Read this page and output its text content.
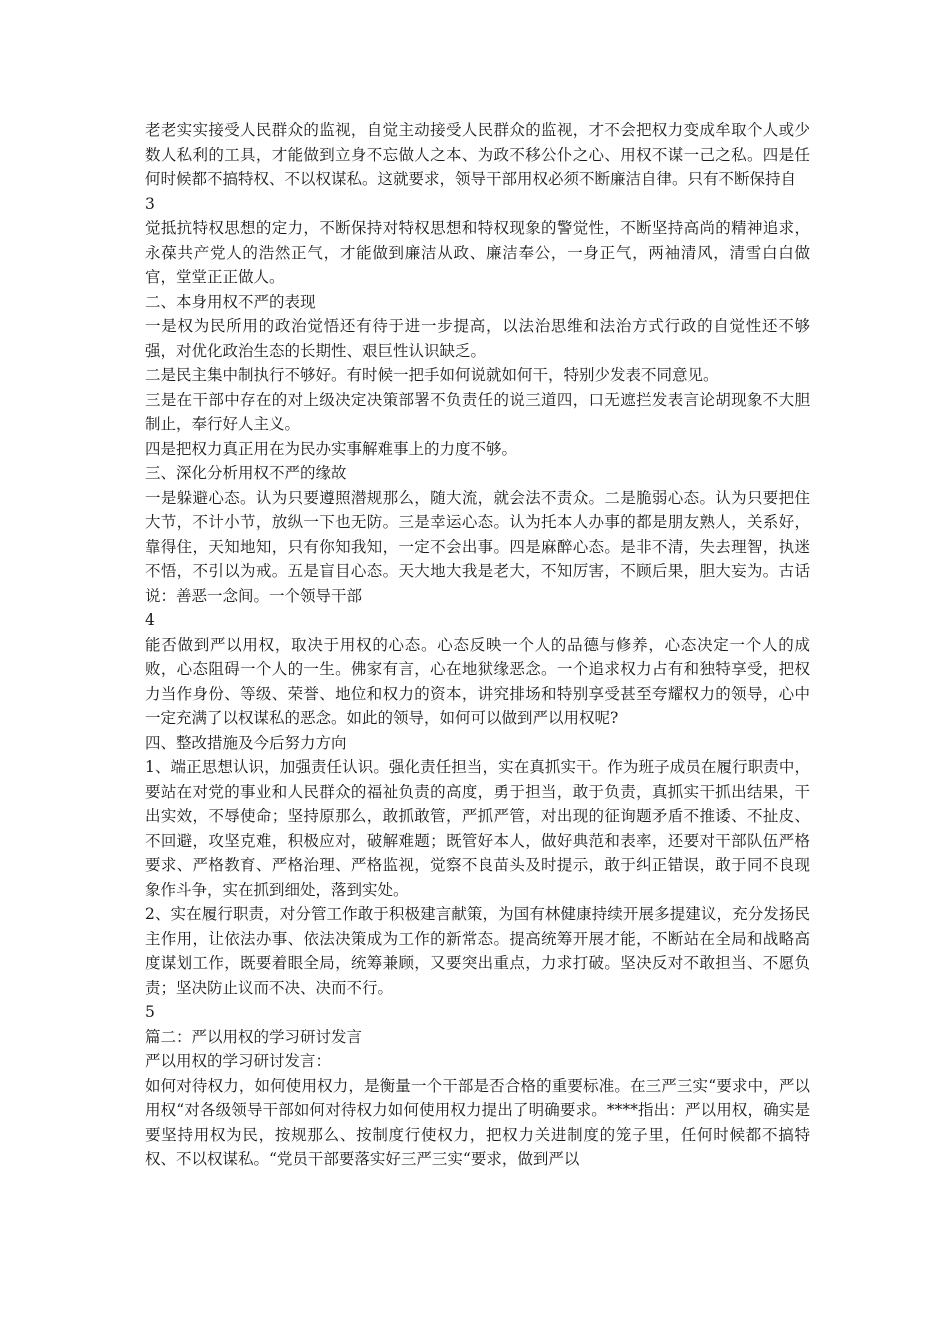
老老实实接受人民群众的监视，自觉主动接受人民群众的监视，才不会把权力变成牟取个人或少数人私利的工具，才能做到立身不忘做人之本、为政不移公仆之心、用权不谋一己之私。四是任何时候都不搞特权、不以权谋私。这就要求，领导干部用权必须不断廉洁自律。只有不断保持自

3

觉抵抗特权思想的定力，不断保持对特权思想和特权现象的警觉性，不断坚持高尚的精神追求，永葆共产党人的浩然正气，才能做到廉洁从政、廉洁奉公，一身正气，两袖清风，清雪白白做官，堂堂正正做人。

二、本身用权不严的表现

一是权为民所用的政治觉悟还有待于进一步提高，以法治思维和法治方式行政的自觉性还不够强，对优化政治生态的长期性、艰巨性认识缺乏。

二是民主集中制执行不够好。有时候一把手如何说就如何干，特别少发表不同意见。

三是在干部中存在的对上级决定决策部署不负责任的说三道四，口无遮拦发表言论胡现象不大胆制止，奉行好人主义。

四是把权力真正用在为民办实事解难事上的力度不够。

三、深化分析用权不严的缘故

一是躲避心态。认为只要遵照潜规那么，随大流，就会法不责众。二是脆弱心态。认为只要把住大节，不计小节，放纵一下也无防。三是幸运心态。认为托本人办事的都是朋友熟人，关系好，靠得住，天知地知，只有你知我知，一定不会出事。四是麻醉心态。是非不清，失去理智，执迷不悟，不引以为戒。五是盲目心态。天大地大我是老大，不知厉害，不顾后果，胆大妄为。古话说：善恶一念间。一个领导干部

4

能否做到严以用权，取决于用权的心态。心态反映一个人的品德与修养，心态决定一个人的成败，心态阻碍一个人的一生。佛家有言，心在地狱缘恶念。一个追求权力占有和独特享受，把权力当作身份、等级、荣誉、地位和权力的资本，讲究排场和特别享受甚至夸耀权力的领导，心中一定充满了以权谋私的恶念。如此的领导，如何可以做到严以用权呢?

四、整改措施及今后努力方向

1、端正思想认识，加强责任认识。强化责任担当，实在真抓实干。作为班子成员在履行职责中，要站在对党的事业和人民群众的福祉负责的高度，勇于担当，敢于负责，真抓实干抓出结果，干出实效，不辱使命；坚持原那么，敢抓敢管，严抓严管，对出现的征询题矛盾不推诿、不扯皮、不回避，攻坚克难，积极应对，破解难题；既管好本人，做好典范和表率，还要对干部队伍严格要求、严格教育、严格治理、严格监视，觉察不良苗头及时提示，敢于纠正错误，敢于同不良现象作斗争，实在抓到细处，落到实处。

2、实在履行职责，对分管工作敢于积极建言献策，为国有林健康持续开展多提建议，充分发扬民主作用，让依法办事、依法决策成为工作的新常态。提高统筹开展才能，不断站在全局和战略高度谋划工作，既要着眼全局，统筹兼顾，又要突出重点，力求打破。坚决反对不敢担当、不愿负责；坚决防止议而不决、决而不行。

5

篇二：严以用权的学习研讨发言

严以用权的学习研讨发言：

如何对待权力，如何使用权力，是衡量一个干部是否合格的重要标准。在三严三实“要求中，严以用权“对各级领导干部如何对待权力如何使用权力提出了明确要求。****指出：严以用权，确实是要坚持用权为民，按规那么、按制度行使权力，把权力关进制度的笼子里，任何时候都不搞特权、不以权谋私。“党员干部要落实好三严三实“要求，做到严以
